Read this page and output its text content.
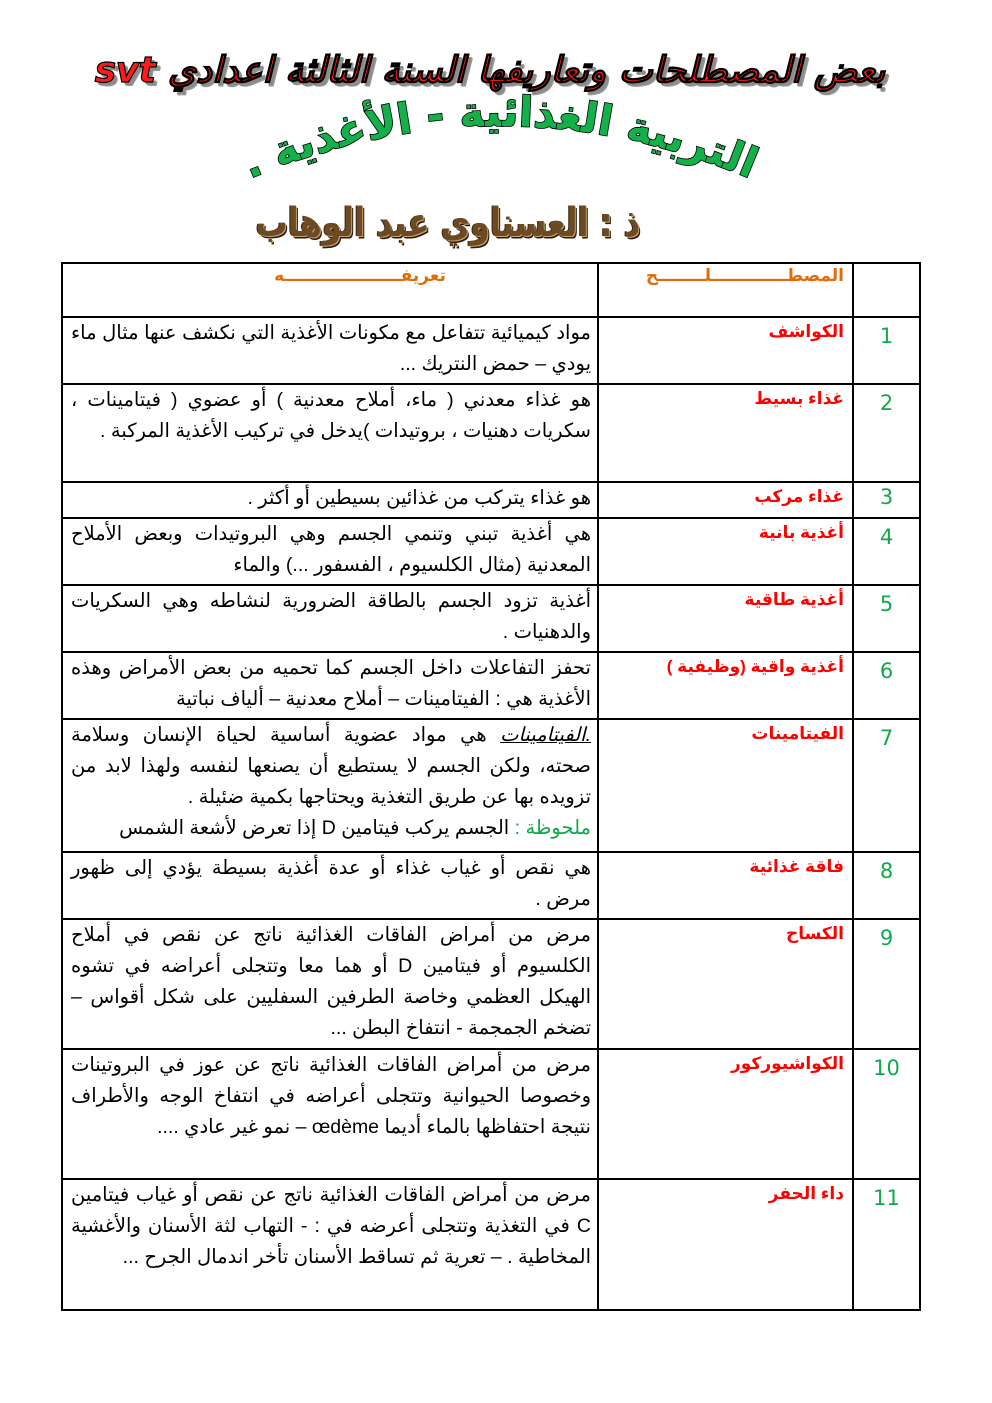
بعض المصطلحات وتعاريفها السنة الثالثة اعدادي svt
التربية الغذائية - الأغذية .
ذ : العسناوي عبد الوهاب
	المصطـــــــــــــلــــــــح	تعريفــــــــــــــــــــه
1	الكواشف	مواد كيميائية تتفاعل مع مكونات الأغذية التي نكشف عنها مثال ماء يودي – حمض النتريك ...
2	غذاء بسيط	هو غذاء معدني ( ماء، أملاح معدنية ) أو عضوي ( فيتامينات ، سكريات دهنيات ، بروتيدات )يدخل في تركيب الأغذية المركبة .
3	غذاء مركب	هو غذاء يتركب من غذائين بسيطين أو أكثر .
4	أغذية بانية	هي أغذية تبني وتنمي الجسم وهي البروتيدات وبعض الأملاح المعدنية (مثال الكلسيوم ، الفسفور ...) والماء
5	أغذية طاقية	أغذية تزود الجسم بالطاقة الضرورية لنشاطه وهي السكريات والدهنيات .
6	أغذية واقية (وظيفية )	تحفز التفاعلات داخل الجسم كما تحميه من بعض الأمراض وهذه الأغذية هي : الفيتامينات – أملاح معدنية – ألياف نباتية
7	الفيتامينات	.الفيتامينات هي مواد عضوية أساسية لحياة الإنسان وسلامة صحته، ولكن الجسم لا يستطيع أن يصنعها لنفسه ولهذا لابد من تزويده بها عن طريق التغذية ويحتاجها بكمية ضئيلة .
ملحوظة : الجسم يركب فيتامين D إذا تعرض لأشعة الشمس
8	فاقة غذائية	هي نقص أو غياب غذاء أو عدة أغذية بسيطة يؤدي إلى ظهور مرض .
9	الكساح	مرض من أمراض الفاقات الغذائية ناتج عن نقص في أملاح الكلسيوم أو فيتامين D أو هما معا وتتجلى أعراضه في تشوه الهيكل العظمي وخاصة الطرفين السفليين على شكل أقواس – تضخم الجمجمة - انتفاخ البطن ...
10	الكواشيوركور	مرض من أمراض الفاقات الغذائية ناتج عن عوز في البروتينات وخصوصا الحيوانية وتتجلى أعراضه في انتفاخ الوجه والأطراف نتيجة احتفاظها بالماء أديما œdème – نمو غير عادي ....
11	داء الحفر	مرض من أمراض الفاقات الغذائية ناتج عن نقص أو غياب فيتامين C في التغذية وتتجلى أعرضه في : - التهاب لثة الأسنان والأغشية المخاطية . – تعرية ثم تساقط الأسنان تأخر اندمال الجرح ...
